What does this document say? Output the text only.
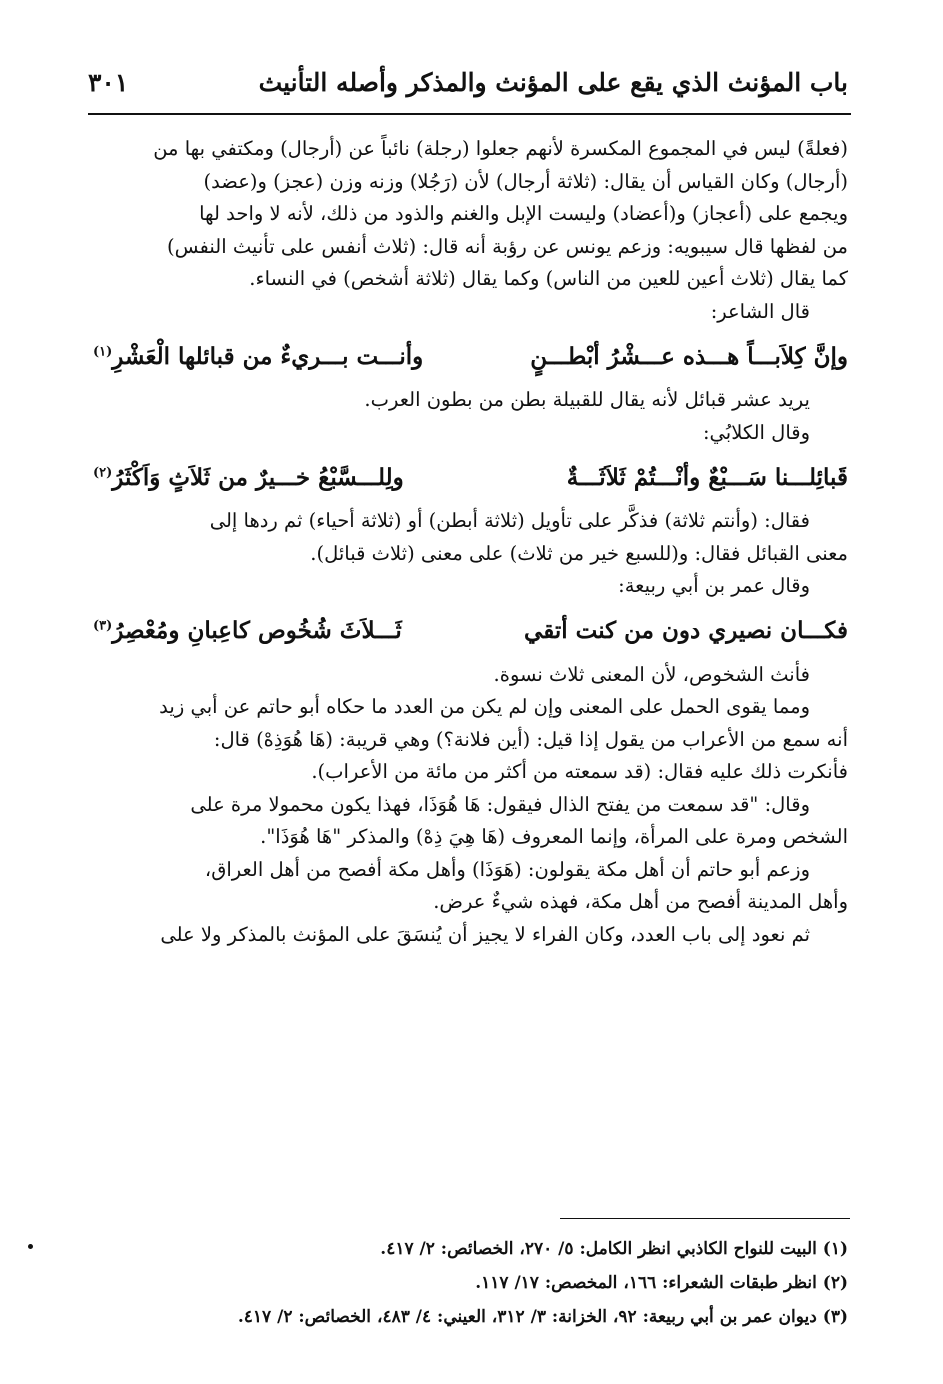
باب المؤنث الذي يقع على المؤنث والمذكر وأصله التأنيث
٣٠١
(فعلةً) ليس في المجموع المكسرة لأنهم جعلوا (رجلة) نائباً عن (أرجال) ومكتفي بها من
(أرجال) وكان القياس أن يقال: (ثلاثة أرجال) لأن (رَجُلا) وزنه وزن (عجز) و(عضد)
ويجمع على (أعجاز) و(أعضاد) وليست الإبل والغنم والذود من ذلك، لأنه لا واحد لها
من لفظها قال سيبويه: وزعم يونس عن رؤبة أنه قال: (ثلاث أنفس على تأنيث النفس)
كما يقال (ثلاث أعين للعين من الناس) وكما يقال (ثلاثة أشخص) في النساء.
قال الشاعر:
وإنَّ كِلاَبـــاً هـــذه عـــشْرُ أبْطـــنٍ
وأنـــت بـــريءٌ من قبائلها الْعَشْرِ$^{(١)}$
يريد عشر قبائل لأنه يقال للقبيلة بطن من بطون العرب.
وقال الكلابُي:
قَبائِلـــنا سَـــبْعٌ وأنْـــتُمْ ثَلاَثَـــةٌ
ولِلـــسَّبْعُ خـــيرٌ من ثَلاَثٍ وَاَكْثَرُ$^{(٢)}$
فقال: (وأنتم ثلاثة) فذكَّر على تأويل (ثلاثة أبطن) أو (ثلاثة أحياء) ثم ردها إلى
معنى القبائل فقال: و(للسبع خير من ثلاث) على معنى (ثلاث قبائل).
وقال عمر بن أبي ربيعة:
فكـــان نصيري دون من كنت أتقي
ثَـــلاَثَ شُخُوص كاعِبانِ ومُعْصِرُ$^{(٣)}$
فأنث الشخوص، لأن المعنى ثلاث نسوة.
ومما يقوى الحمل على المعنى وإن لم يكن من العدد ما حكاه أبو حاتم عن أبي زيد
أنه سمع من الأعراب من يقول إذا قيل: (أين فلانة؟) وهي قريبة: (هَا هُوَذِهْ) قال:
فأنكرت ذلك عليه فقال: (قد سمعته من أكثر من مائة من الأعراب).
وقال: "قد سمعت من يفتح الذال فيقول: هَا هُوَذَا، فهذا يكون محمولا مرة على
الشخص ومرة على المرأة، وإنما المعروف (هَا هِيَ ذِهْ) والمذكر "هَا هُوَذَا".
وزعم أبو حاتم أن أهل مكة يقولون: (هَوَذَا) وأهل مكة أفصح من أهل العراق،
وأهل المدينة أفصح من أهل مكة، فهذه شيءٌ عرض.
ثم نعود إلى باب العدد، وكان الفراء لا يجيز أن يُنسَقَ على المؤنث بالمذكر ولا على
(١) البيت للنواح الكاذبي انظر الكامل: ٥/ ٢٧٠، الخصائص: ٢/ ٤١٧.
(٢) انظر طبقات الشعراء: ١٦٦، المخصص: ١٧/ ١١٧.
(٣) ديوان عمر بن أبي ربيعة: ٩٢، الخزانة: ٣/ ٣١٢، العيني: ٤/ ٤٨٣، الخصائص: ٢/ ٤١٧.
